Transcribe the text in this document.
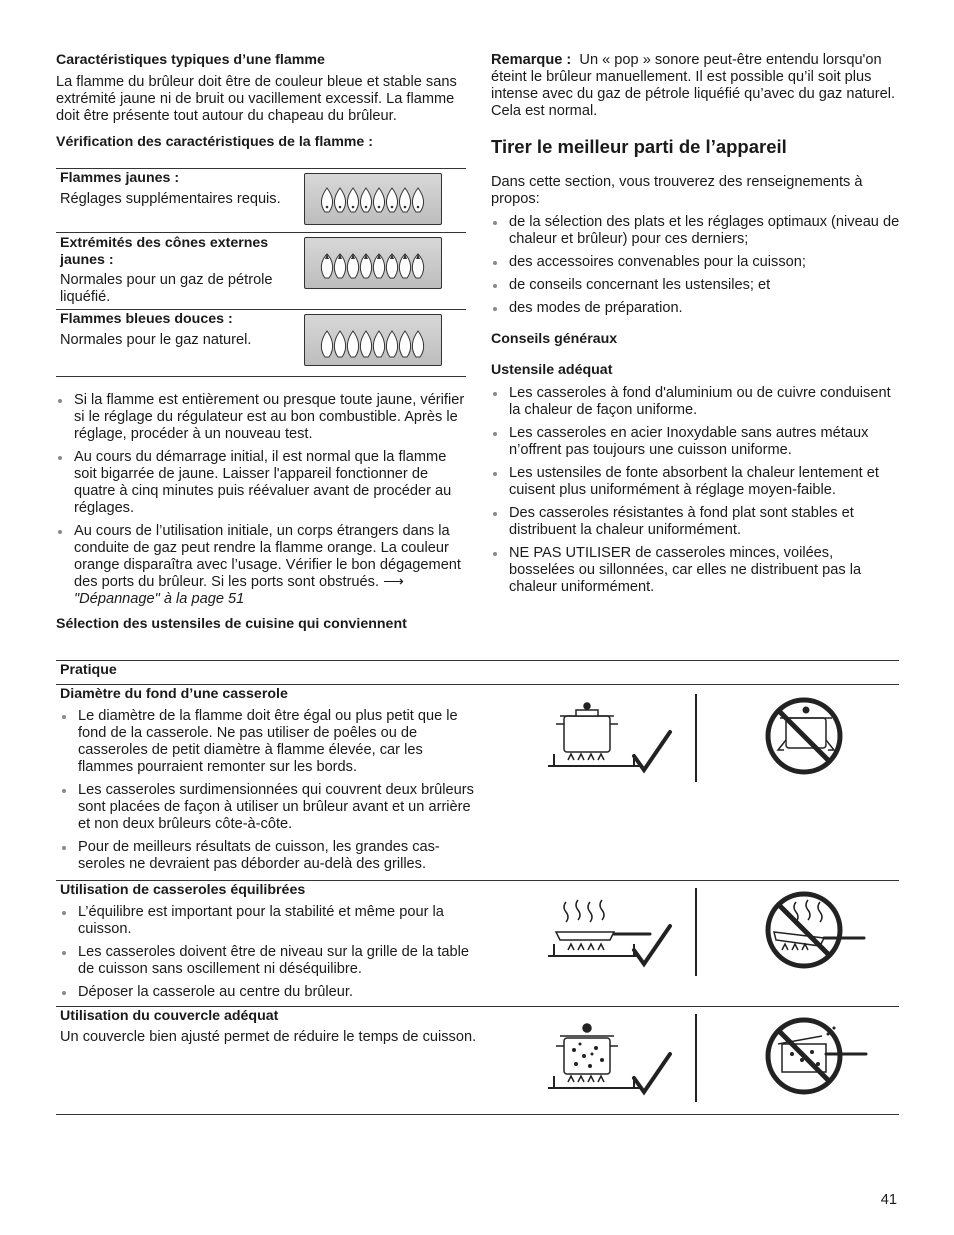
Caractéristiques typiques d’une flamme

La flamme du brûleur doit être de couleur bleue et stable sans extrémité jaune ni de bruit ou vacillement excessif. La flamme doit être présente tout autour du chapeau du brûleur.

Vérification des caractéristiques de la flamme :

Flammes jaunes :
Réglages supplémentaires requis.
Extrémités des cônes externes jaunes :
Normales pour un gaz de pétrole liquéfié.
Flammes bleues douces :
Normales pour le gaz naturel.
Si la flamme est entièrement ou presque toute jaune, vérifier si le réglage du régulateur est au bon combustible. Après le réglage, procéder à un nouveau test.
Au cours du démarrage initial, il est normal que la flamme soit bigarrée de jaune. Laisser l'appareil fonctionner de quatre à cinq minutes puis réévaluer avant de procéder au réglages.
Au cours de l’utilisation initiale, un corps étrangers dans la conduite de gaz peut rendre la flamme orange. La couleur orange disparaîtra avec l’usage. Vérifier le bon dégagement des ports du brûleur. Si les ports sont obstrués. ⟶ "Dépannage" à la page 51

Sélection des ustensiles de cuisine qui conviennent

Remarque : Un « pop » sonore peut-être entendu lorsqu'on éteint le brûleur manuellement. Il est possible qu’il soit plus intense avec du gaz de pétrole liquéfié qu’avec du gaz naturel. Cela est normal.

Tirer le meilleur parti de l’appareil

Dans cette section, vous trouverez des renseignements à propos:

de la sélection des plats et les réglages optimaux (niveau de chaleur et brûleur) pour ces derniers;
des accessoires convenables pour la cuisson;
de conseils concernant les ustensiles; et
des modes de préparation.

Conseils généraux

Ustensile adéquat

Les casseroles à fond d'aluminium ou de cuivre conduisent la chaleur de façon uniforme.
Les casseroles en acier Inoxydable sans autres métaux n’offrent pas toujours une cuisson uniforme.
Les ustensiles de fonte absorbent la chaleur lentement et cuisent plus uniformément à réglage moyen-faible.
Des casseroles résistantes à fond plat sont stables et distribuent la chaleur uniformément.
NE PAS UTILISER de casseroles minces, voilées, bosselées ou sillonnées, car elles ne distribuent pas la chaleur uniformément.
Pratique
Diamètre du fond d’une casserole
Le diamètre de la flamme doit être égal ou plus petit que le fond de la casserole. Ne pas utiliser de poêles ou de casseroles de petit diamètre à flamme élevée, car les flammes pourraient remonter sur les bords.
Les casseroles surdimensionnées qui couvrent deux brûleurs sont placées de façon à utiliser un brûleur avant et un arrière et non deux brûleurs côte-à-côte.
Pour de meilleurs résultats de cuisson, les grandes cas-seroles ne devraient pas déborder au-delà des grilles.
Utilisation de casseroles équilibrées
L’équilibre est important pour la stabilité et même pour la cuisson.
Les casseroles doivent être de niveau sur la grille de la table de cuisson sans oscillement ni déséquilibre.
Déposer la casserole au centre du brûleur.
Utilisation du couvercle adéquat
Un couvercle bien ajusté permet de réduire le temps de cuisson.
41
